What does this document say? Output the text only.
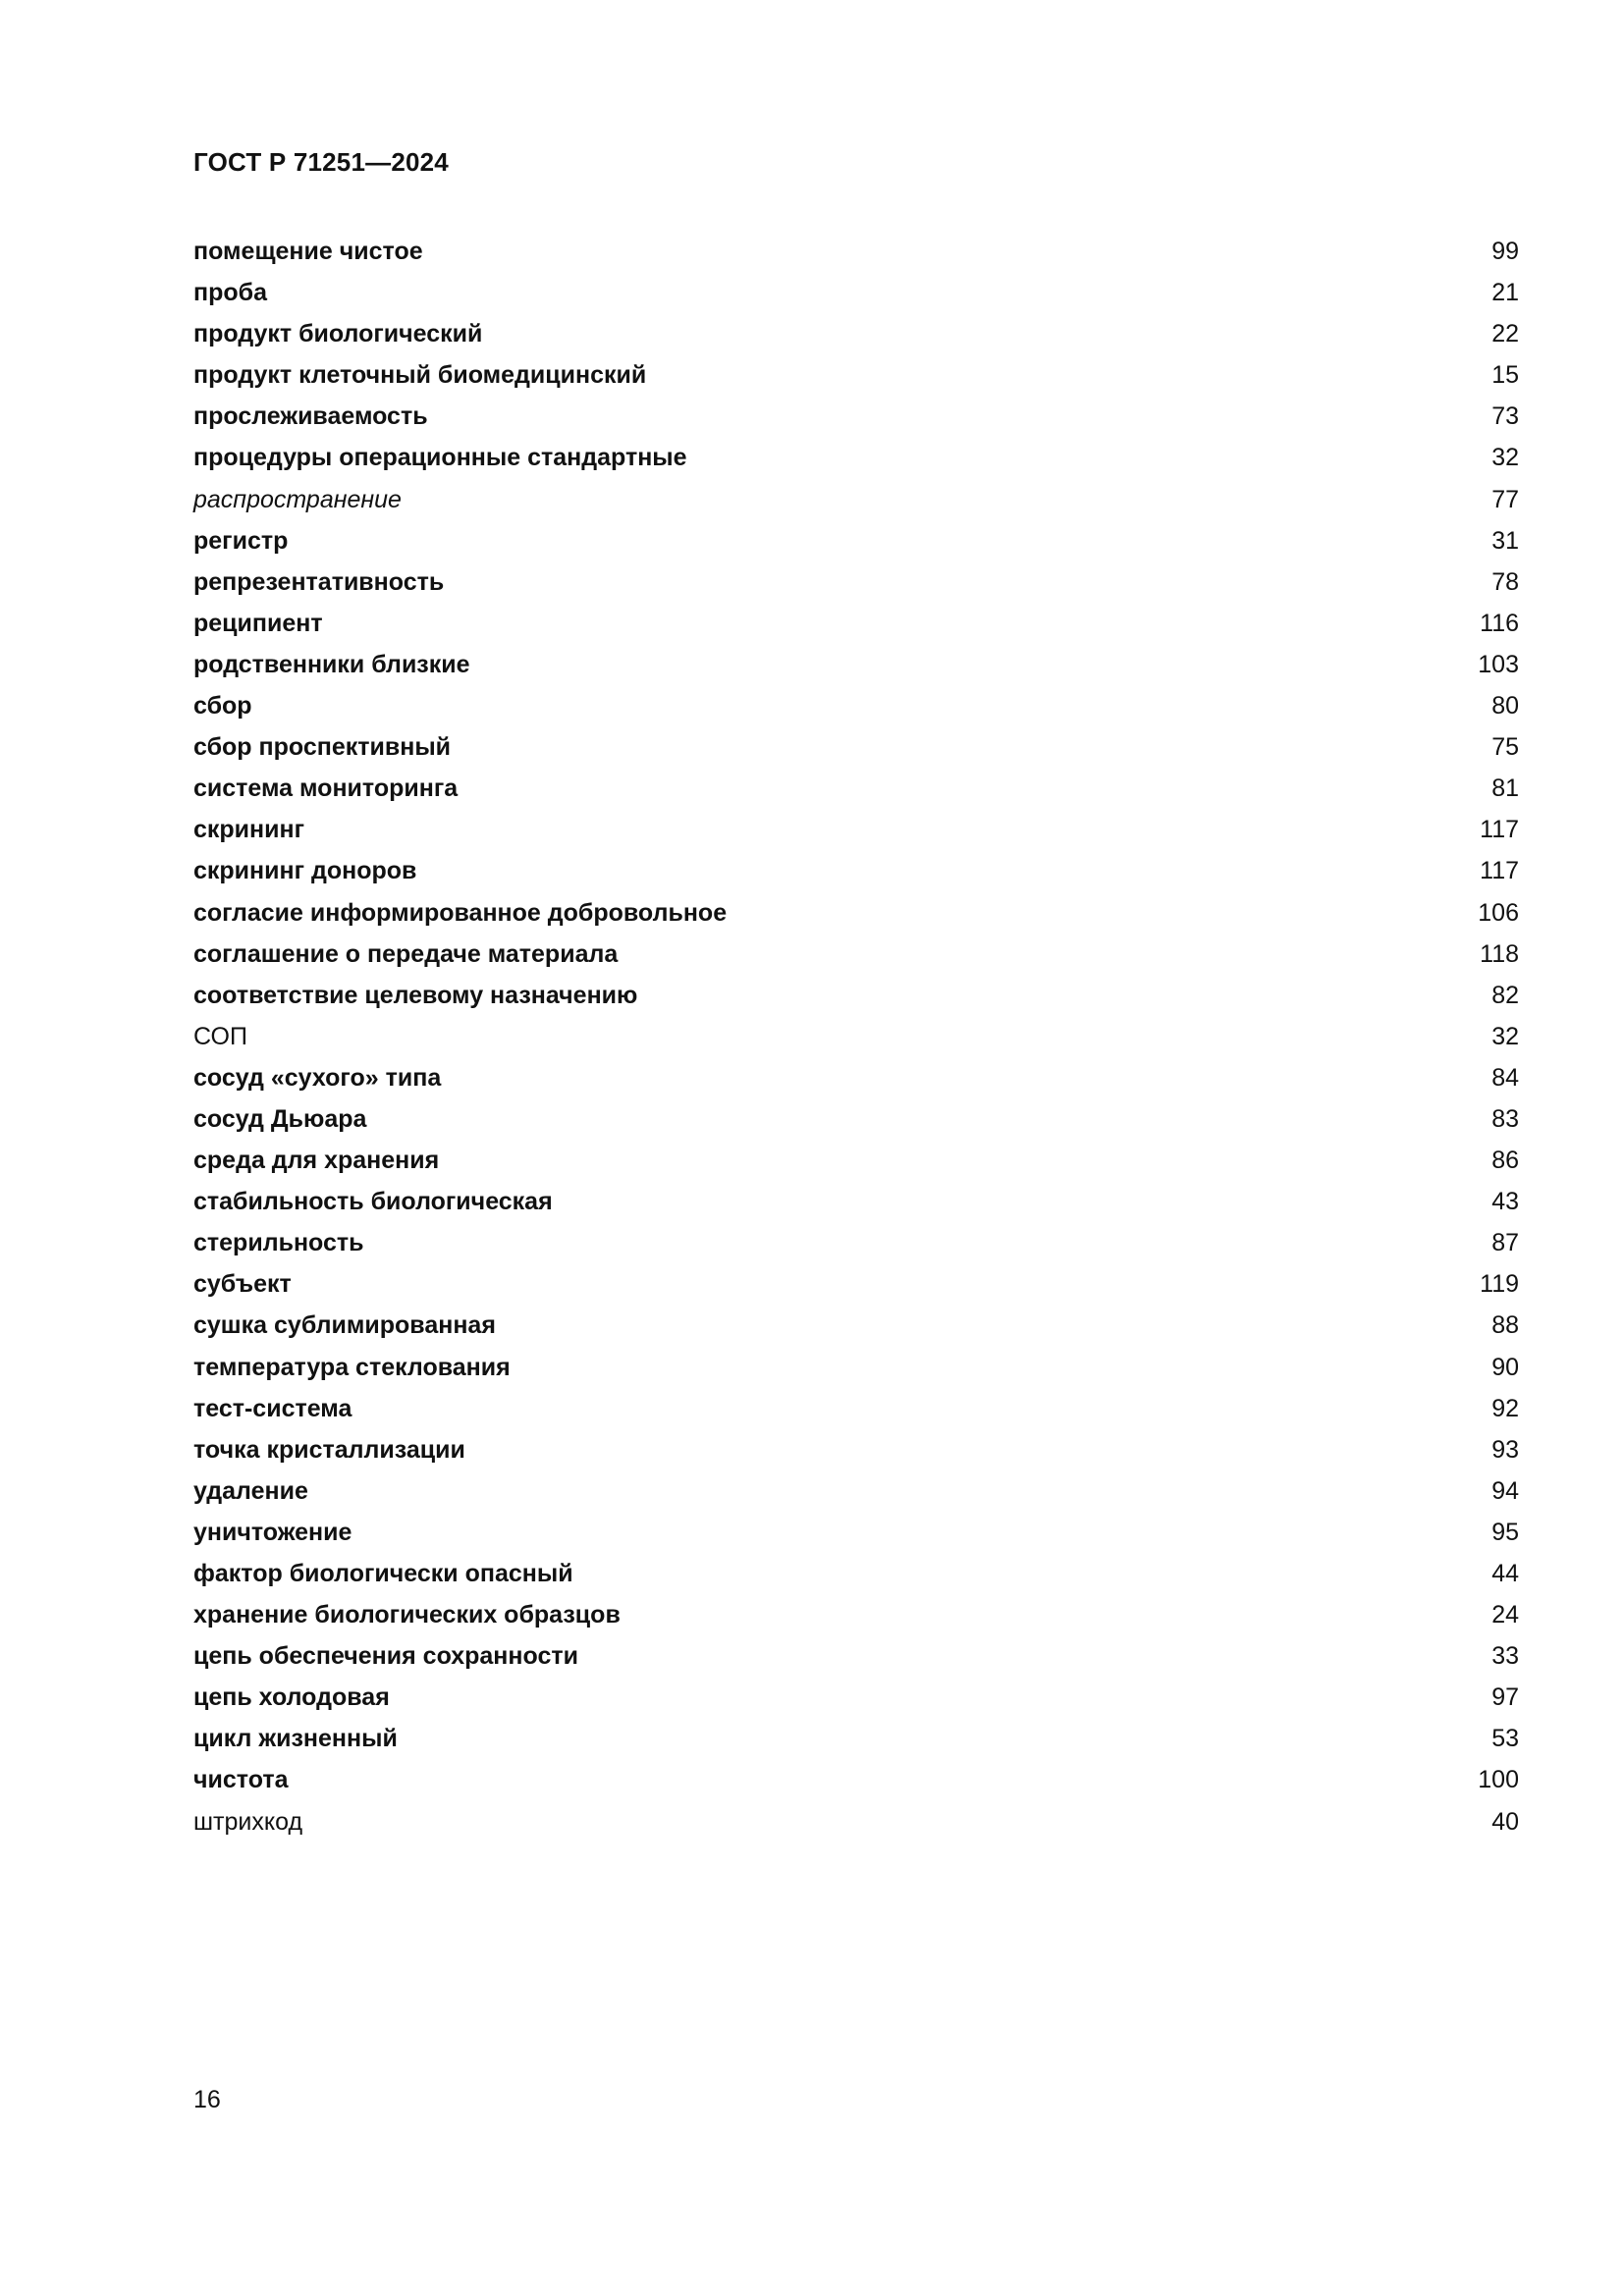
ГОСТ Р 71251—2024
помещение чистое	99
проба	21
продукт биологический	22
продукт клеточный биомедицинский	15
прослеживаемость	73
процедуры операционные стандартные	32
распространение	77
регистр	31
репрезентативность	78
реципиент	116
родственники близкие	103
сбор	80
сбор проспективный	75
система мониторинга	81
скрининг	117
скрининг доноров	117
согласие информированное добровольное	106
соглашение о передаче материала	118
соответствие целевому назначению	82
СОП	32
сосуд «сухого» типа	84
сосуд Дьюара	83
среда для хранения	86
стабильность биологическая	43
стерильность	87
субъект	119
сушка сублимированная	88
температура стеклования	90
тест-система	92
точка кристаллизации	93
удаление	94
уничтожение	95
фактор биологически опасный	44
хранение биологических образцов	24
цепь обеспечения сохранности	33
цепь холодовая	97
цикл жизненный	53
чистота	100
штрихкод	40
16
